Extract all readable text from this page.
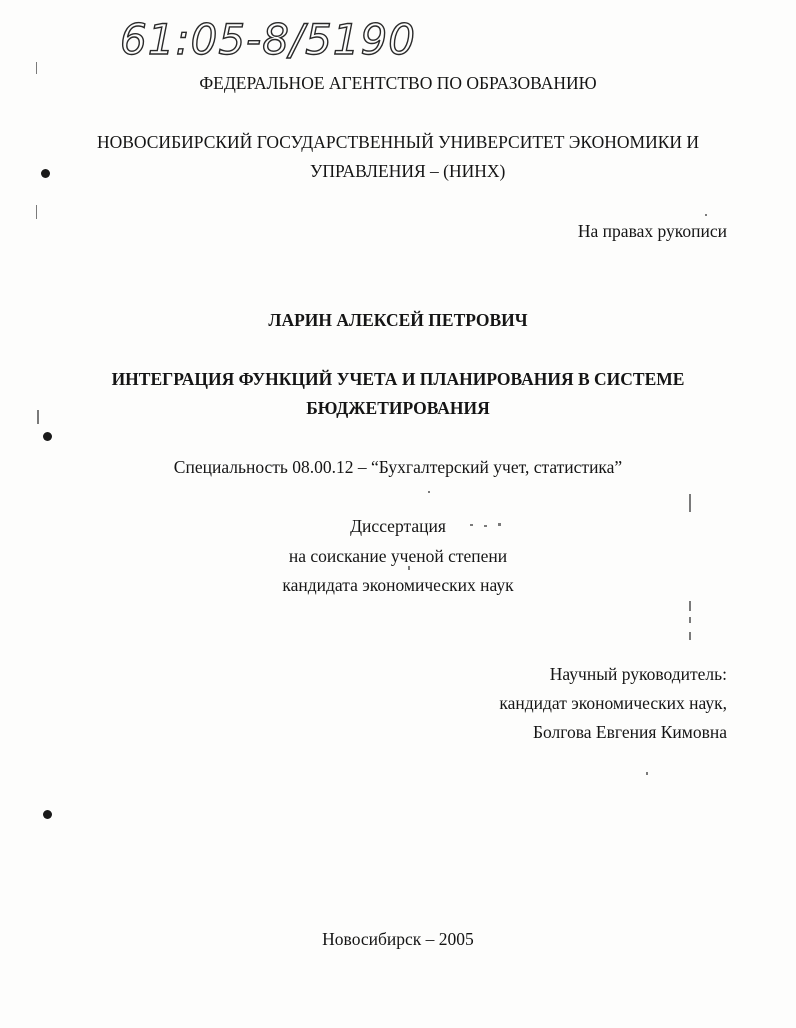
61:05-8/5190
ФЕДЕРАЛЬНОЕ АГЕНТСТВО ПО ОБРАЗОВАНИЮ
НОВОСИБИРСКИЙ ГОСУДАРСТВЕННЫЙ УНИВЕРСИТЕТ ЭКОНОМИКИ И
УПРАВЛЕНИЯ – (НИНХ)
На правах рукописи
ЛАРИН АЛЕКСЕЙ ПЕТРОВИЧ
ИНТЕГРАЦИЯ ФУНКЦИЙ УЧЕТА И ПЛАНИРОВАНИЯ В СИСТЕМЕ
БЮДЖЕТИРОВАНИЯ
Специальность 08.00.12 – “Бухгалтерский учет, статистика”
Диссертация
на соискание ученой степени
кандидата экономических наук
Научный руководитель:
кандидат экономических наук,
Болгова Евгения Кимовна
Новосибирск – 2005
